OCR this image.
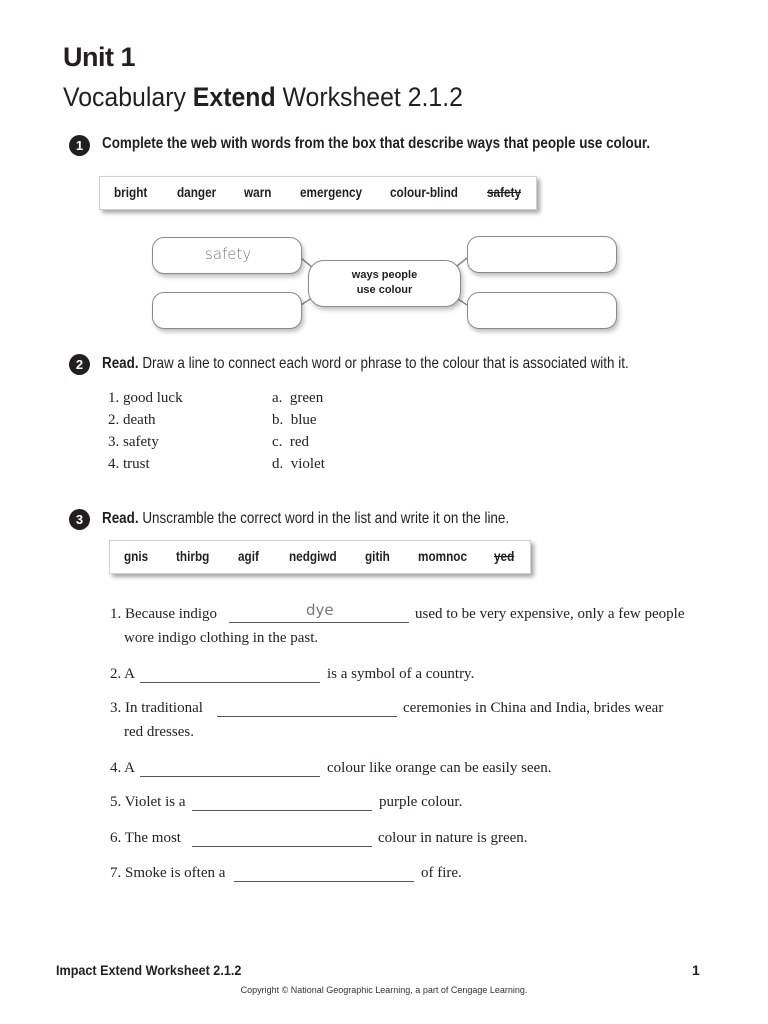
Unit 1
Vocabulary Extend Worksheet 2.1.2
1	Complete the web with words from the box that describe ways that people use colour.
bright danger warn emergency colour-blind safety
safety
ways people
use colour
2	Read. Draw a line to connect each word or phrase to the colour that is associated with it.
1. good luck
2. death
3. safety
4. trust
a.  green
b.  blue
c.  red
d.  violet
3	Read. Unscramble the correct word in the list and write it on the line.
gnis thirbg agif nedgiwd gitih momnoc yed
1. Because indigo	dye	used to be very expensive, only a few people
wore indigo clothing in the past.
2. A	is a symbol of a country.
3. In traditional	ceremonies in China and India, brides wear
red dresses.
4. A	colour like orange can be easily seen.
5. Violet is a	purple colour.
6. The most	colour in nature is green.
7. Smoke is often a	of fire.
Impact Extend Worksheet 2.1.2	1
Copyright © National Geographic Learning, a part of Cengage Learning.
